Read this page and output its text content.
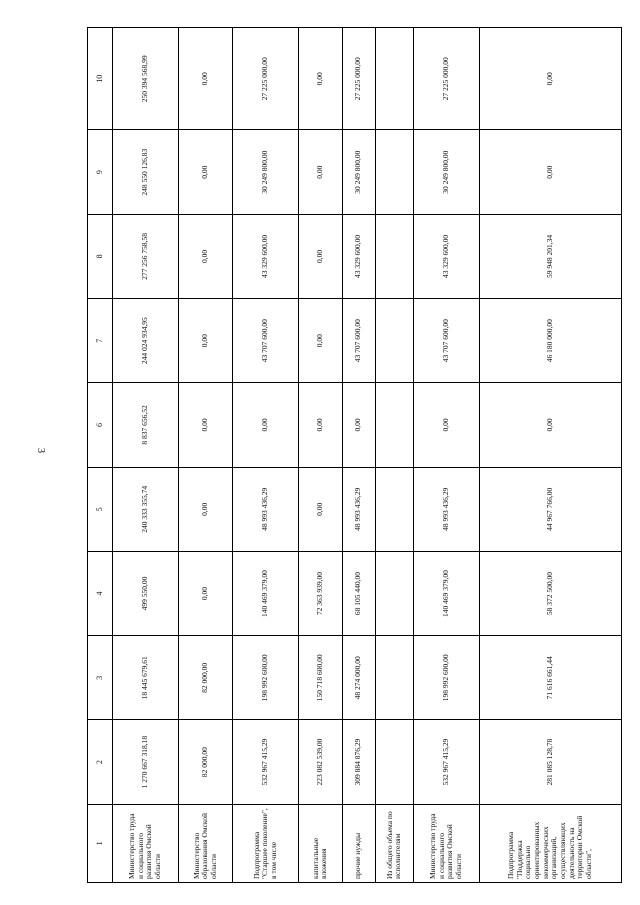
3
1	2	3	4	5	6	7	8	9	10
Министерство труда и социального развития Омской области	1 270 667 318,18	18 445 679,61	499 550,00	240 333 355,74	8 837 656,52	244 024 934,95	277 256 758,58	248 550 126,83	250 394 568,99
Министерство образования Омской области	82 000,00	82 000,00	0,00	0,00	0,00	0,00	0,00	0,00	0,00
Подпрограмма "Старшее поколение", в том числе	532 967 415,29	198 992 600,00	140 469 379,00	48 993 436,29	0,00	43 707 600,00	43 329 600,00	30 249 800,00	27 225 000,00
капитальные вложения	223 082 539,00	150 718 600,00	72 363 939,00	0,00	0,00	0,00	0,00	0,00	0,00
прочие нужды	309 884 876,29	48 274 000,00	68 105 440,00	48 993 436,29	0,00	43 707 600,00	43 329 600,00	30 249 800,00	27 225 000,00
Из общего объема по исполнителям									
Министерство труда и социального развития Омской области	532 967 415,29	198 992 600,00	140 469 379,00	48 993 436,29	0,00	43 707 600,00	43 329 600,00	30 249 800,00	27 225 000,00
Подпрограмма "Поддержка социально ориентированных некоммерческих организаций, осуществляющих деятельность на территории Омской области",	281 085 128,78	71 616 661,44	58 372 500,00	44 967 766,00	0,00	46 180 000,00	59 948 201,34	0,00	0,00
